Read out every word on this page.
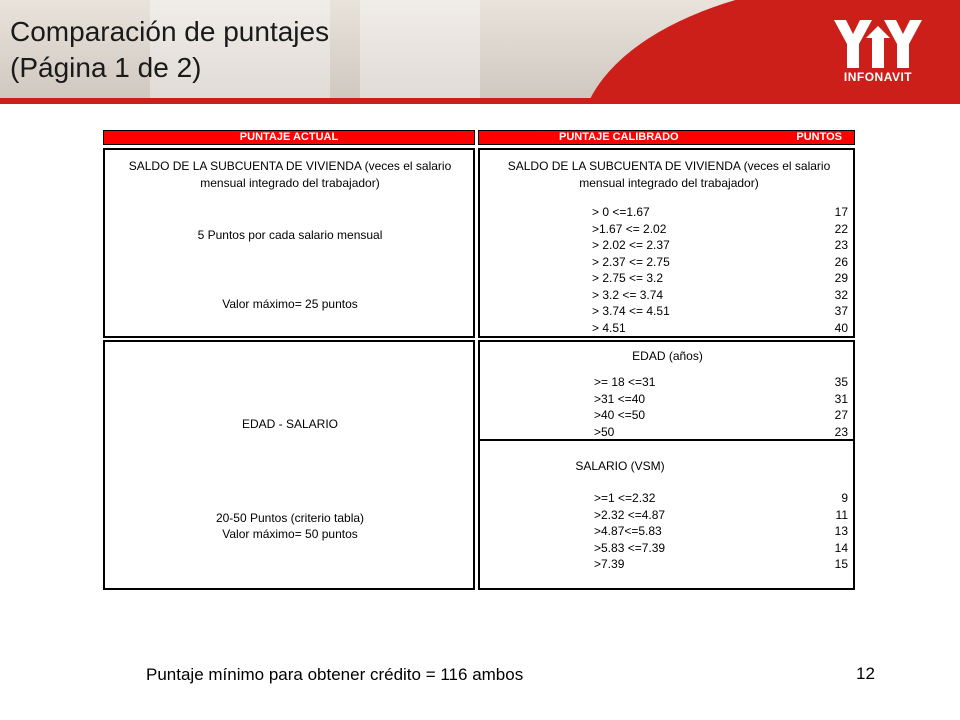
Comparación de puntajes
(Página 1 de 2)	INFONAVIT
PUNTAJE ACTUAL	PUNTAJE CALIBRADO	PUNTOS
SALDO DE LA SUBCUENTA DE VIVIENDA (veces el salario mensual integrado del trabajador)
5 Puntos por cada salario mensual
Valor máximo= 25 puntos
SALDO DE LA SUBCUENTA DE VIVIENDA (veces el salario mensual integrado del trabajador)
> 0 <=1.67	17
>1.67 <= 2.02	22
> 2.02 <= 2.37	23
> 2.37 <= 2.75	26
> 2.75 <= 3.2	29
> 3.2 <= 3.74	32
> 3.74 <= 4.51	37
> 4.51	40
EDAD - SALARIO
20-50 Puntos (criterio tabla)
Valor máximo= 50 puntos
EDAD (años)
>= 18 <=31	35
>31 <=40	31
>40 <=50	27
>50	23
SALARIO (VSM)
>=1 <=2.32	9
>2.32 <=4.87	11
>4.87<=5.83	13
>5.83 <=7.39	14
>7.39	15
Puntaje mínimo para obtener crédito = 116 ambos	12
